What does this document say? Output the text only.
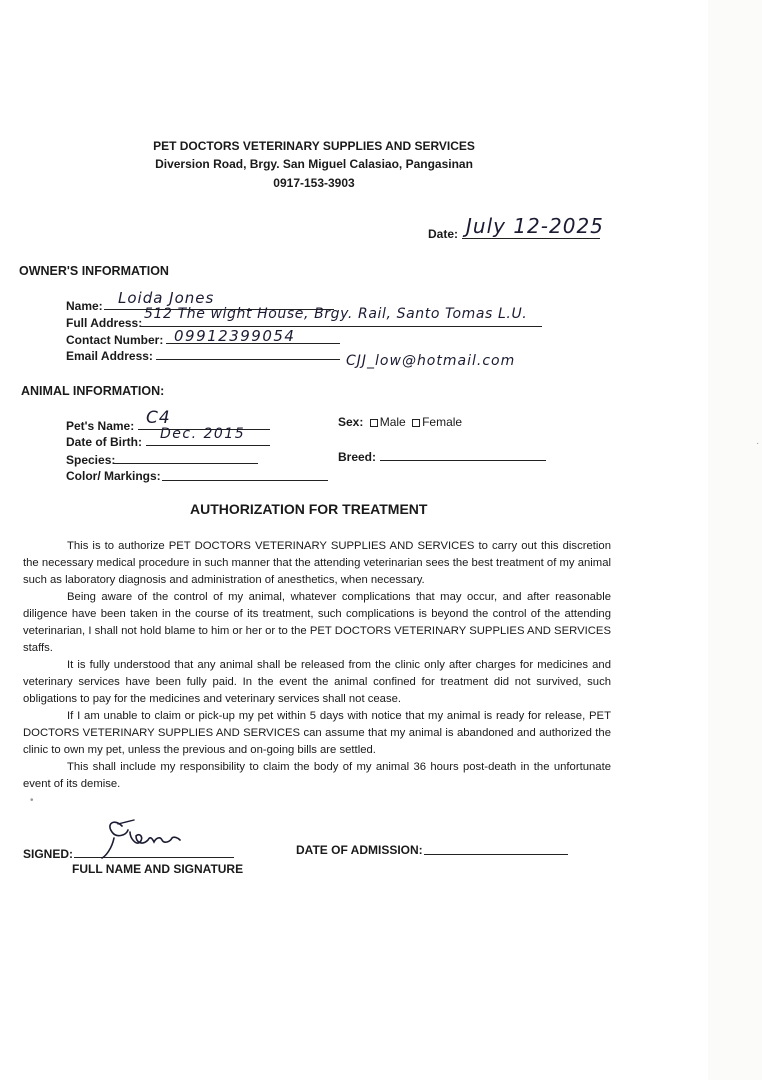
PET DOCTORS VETERINARY SUPPLIES AND SERVICES
Diversion Road, Brgy. San Miguel Calasiao, Pangasinan
0917-153-3903
Date: July 12-2025
OWNER'S INFORMATION
Name: Loida Jones
Full Address:
512 The wight House, Brgy. Rail, Santo Tomas L.U.
Contact Number: 09912399054
Email Address:	CJJ_low@hotmail.com
ANIMAL INFORMATION:
Pet's Name: C4
Date of Birth: Dec. 2015
Species:
Color/ Markings:
Sex: Male Female
Breed:
AUTHORIZATION FOR TREATMENT

This is to authorize PET DOCTORS VETERINARY SUPPLIES AND SERVICES to carry out this discretion the necessary medical procedure in such manner that the attending veterinarian sees the best treatment of my animal such as laboratory diagnosis and administration of anesthetics, when necessary.

Being aware of the control of my animal, whatever complications that may occur, and after reasonable diligence have been taken in the course of its treatment, such complications is beyond the control of the attending veterinarian, I shall not hold blame to him or her or to the PET DOCTORS VETERINARY SUPPLIES AND SERVICES staffs.

It is fully understood that any animal shall be released from the clinic only after charges for medicines and veterinary services have been fully paid. In the event the animal confined for treatment did not survived, such obligations to pay for the medicines and veterinary services shall not cease.

If I am unable to claim or pick-up my pet within 5 days with notice that my animal is ready for release, PET DOCTORS VETERINARY SUPPLIES AND SERVICES can assume that my animal is abandoned and authorized the clinic to own my pet, unless the previous and on-going bills are settled.

This shall include my responsibility to claim the body of my animal 36 hours post-death in the unfortunate event of its demise.

SIGNED:
FULL NAME AND SIGNATURE
DATE OF ADMISSION:
•
·
